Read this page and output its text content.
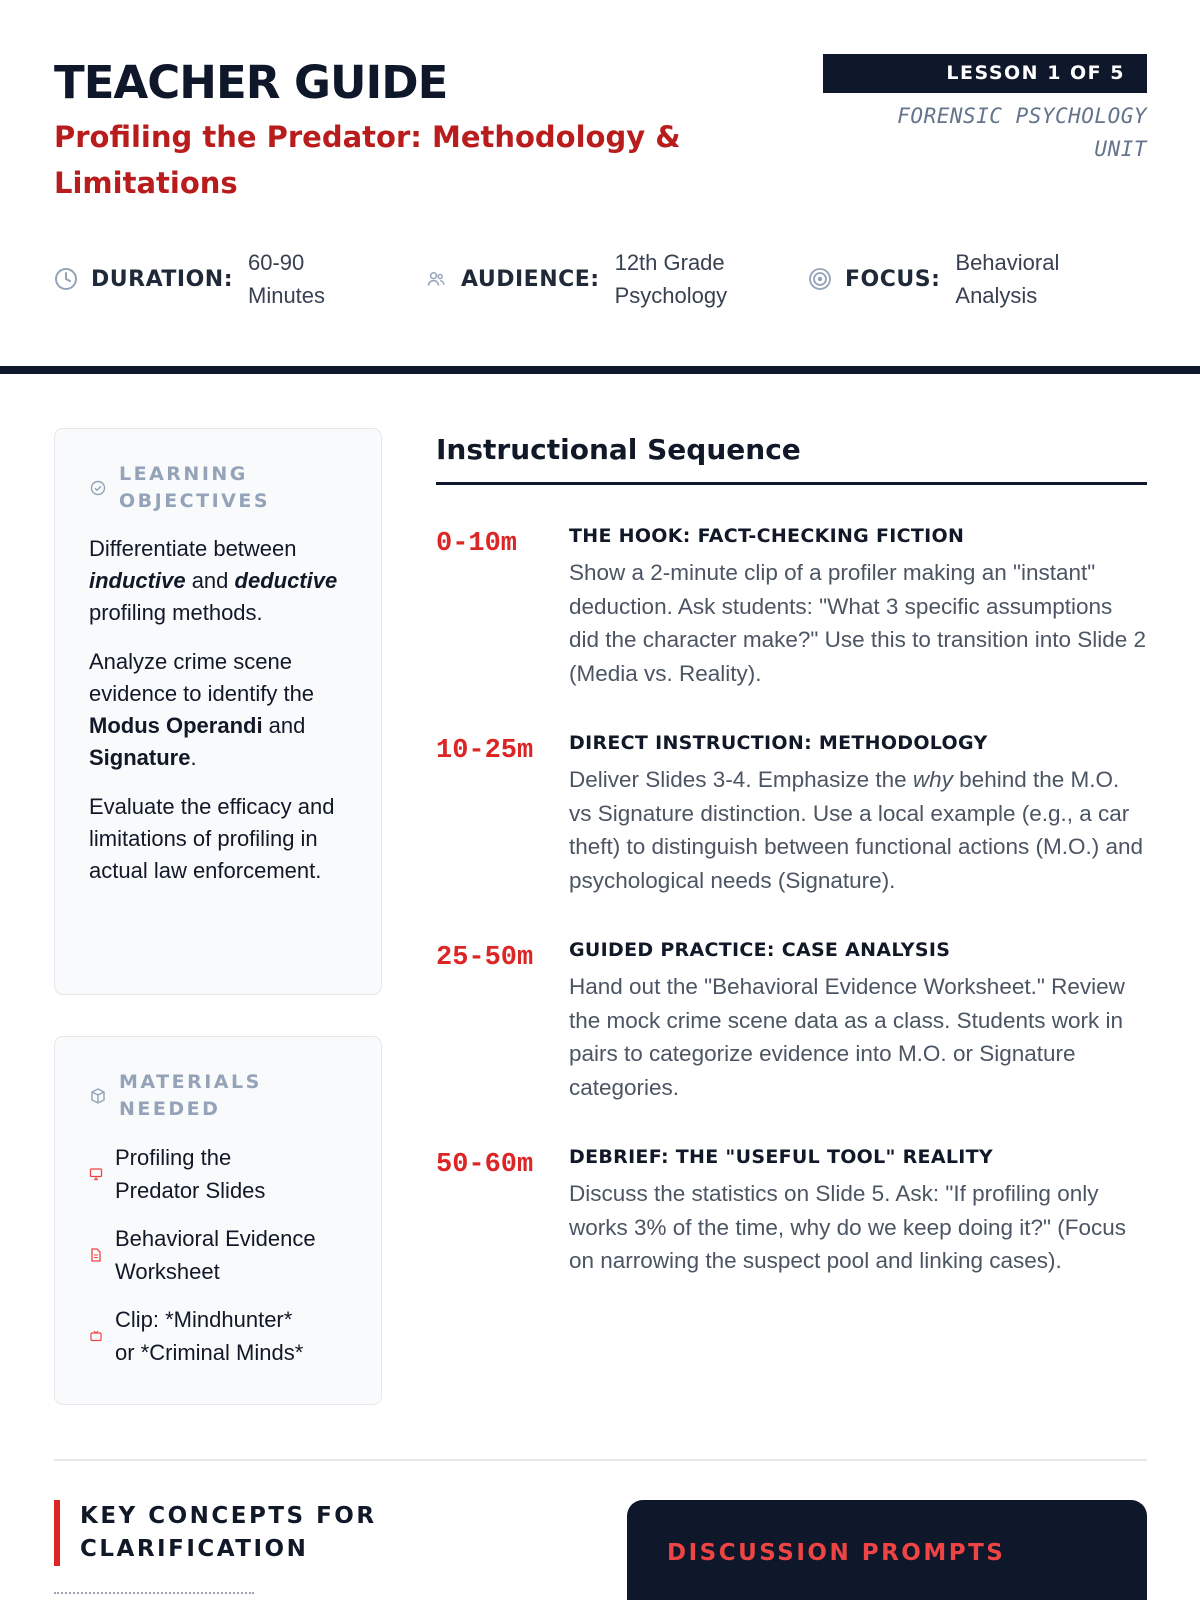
TEACHER GUIDE
Profiling the Predator: Methodology & Limitations
LESSON 1 OF 5
FORENSIC PSYCHOLOGY
UNIT
DURATION:
60-90
Minutes
AUDIENCE:
12th Grade
Psychology
FOCUS:
Behavioral
Analysis
LEARNING
OBJECTIVES

Differentiate between inductive and deductive profiling methods.

Analyze crime scene evidence to identify the Modus Operandi and Signature.

Evaluate the efficacy and limitations of profiling in actual law enforcement.

MATERIALS
NEEDED
Profiling the
Predator Slides
Behavioral Evidence
Worksheet
Clip: *Mindhunter*
or *Criminal Minds*
Instructional Sequence
0-10m	THE HOOK: FACT-CHECKING FICTION
Show a 2-minute clip of a profiler making an "instant" deduction. Ask students: "What 3 specific assumptions did the character make?" Use this to transition into Slide 2 (Media vs. Reality).
10-25m DIRECT INSTRUCTION: METHODOLOGY
Deliver Slides 3-4. Emphasize the why behind the M.O. vs Signature distinction. Use a local example (e.g., a car theft) to distinguish between functional actions (M.O.) and psychological needs (Signature).
25-50m GUIDED PRACTICE: CASE ANALYSIS
Hand out the "Behavioral Evidence Worksheet." Review the mock crime scene data as a class. Students work in pairs to categorize evidence into M.O. or Signature categories.
50-60m DEBRIEF: THE "USEFUL TOOL" REALITY
Discuss the statistics on Slide 5. Ask: "If profiling only works 3% of the time, why do we keep doing it?" (Focus on narrowing the suspect pool and linking cases).
KEY CONCEPTS FOR
CLARIFICATION	DISCUSSION PROMPTS
